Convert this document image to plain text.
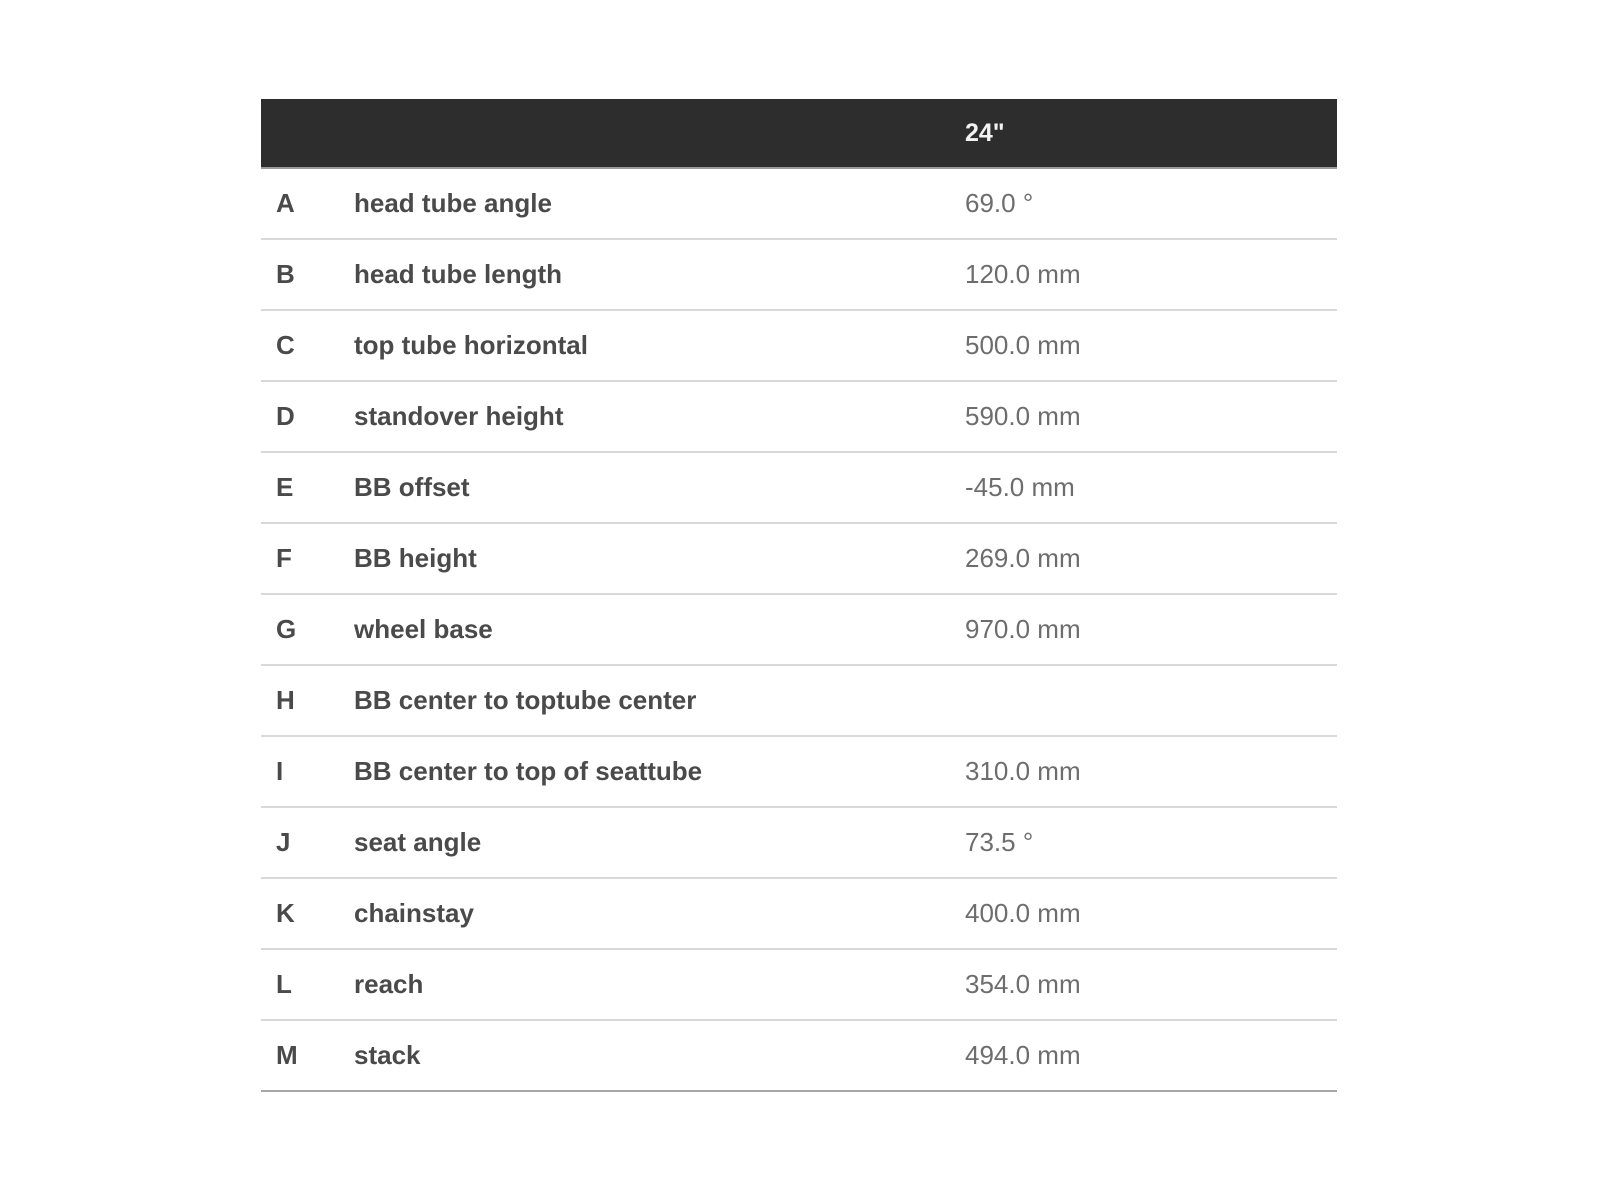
24"
A	head tube angle	69.0 °
B	head tube length	120.0 mm
C	top tube horizontal	500.0 mm
D	standover height	590.0 mm
E	BB offset	-45.0 mm
F	BB height	269.0 mm
G	wheel base	970.0 mm
H	BB center to toptube center
I	BB center to top of seattube	310.0 mm
J	seat angle	73.5 °
K	chainstay	400.0 mm
L	reach	354.0 mm
M	stack	494.0 mm
